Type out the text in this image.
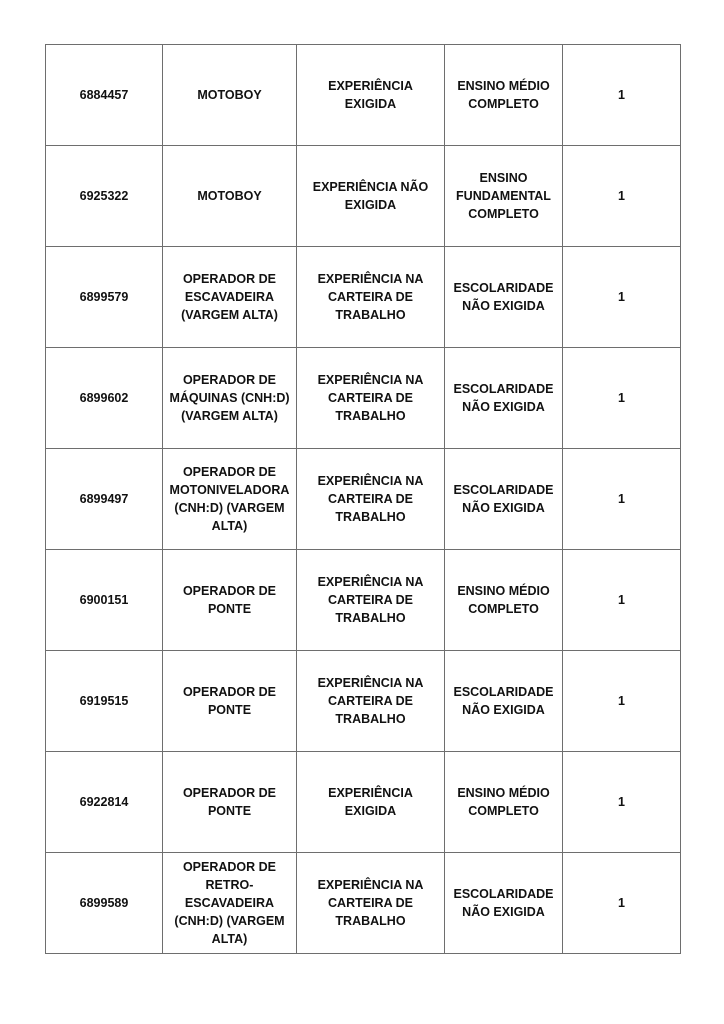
6884457	MOTOBOY	EXPERIÊNCIA EXIGIDA	ENSINO MÉDIO
COMPLETO	1
6925322	MOTOBOY	EXPERIÊNCIA NÃO
EXIGIDA	ENSINO
FUNDAMENTAL
COMPLETO	1
6899579	OPERADOR DE
ESCAVADEIRA
(VARGEM ALTA)	EXPERIÊNCIA NA
CARTEIRA DE
TRABALHO	ESCOLARIDADE
NÃO EXIGIDA	1
6899602	OPERADOR DE
MÁQUINAS (CNH:D)
(VARGEM ALTA)	EXPERIÊNCIA NA
CARTEIRA DE
TRABALHO	ESCOLARIDADE
NÃO EXIGIDA	1
6899497	OPERADOR DE
MOTONIVELADORA
(CNH:D) (VARGEM
ALTA)	EXPERIÊNCIA NA
CARTEIRA DE
TRABALHO	ESCOLARIDADE
NÃO EXIGIDA	1
6900151	OPERADOR DE
PONTE	EXPERIÊNCIA NA
CARTEIRA DE
TRABALHO	ENSINO MÉDIO
COMPLETO	1
6919515	OPERADOR DE
PONTE	EXPERIÊNCIA NA
CARTEIRA DE
TRABALHO	ESCOLARIDADE
NÃO EXIGIDA	1
6922814	OPERADOR DE
PONTE	EXPERIÊNCIA EXIGIDA	ENSINO MÉDIO
COMPLETO	1
6899589	OPERADOR DE RETRO-
ESCAVADEIRA
(CNH:D) (VARGEM
ALTA)	EXPERIÊNCIA NA
CARTEIRA DE
TRABALHO	ESCOLARIDADE
NÃO EXIGIDA	1
